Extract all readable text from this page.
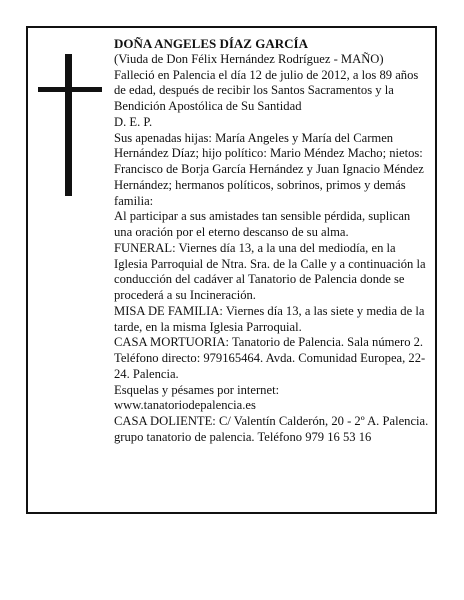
DOÑA ANGELES DÍAZ GARCÍA

(Viuda de Don Félix Hernández Rodríguez - MAÑO)

Falleció en Palencia el día 12 de julio de 2012, a los 89 años de edad, después de recibir los Santos Sacramentos y la Bendición Apostólica de Su Santidad

D. E. P.

Sus apenadas hijas: María Angeles y María del Carmen Hernández Díaz; hijo político: Mario Méndez Macho; nietos: Francisco de Borja García Hernández y Juan Ignacio Méndez Hernández; hermanos políticos, sobrinos, primos y demás familia:

Al participar a sus amistades tan sensible pérdida, suplican una oración por el eterno descanso de su alma.

FUNERAL: Viernes día 13, a la una del mediodía, en la Iglesia Parroquial de Ntra. Sra. de la Calle y a continuación la conducción del cadáver al Tanatorio de Palencia donde se procederá a su Incineración.

MISA DE FAMILIA: Viernes día 13, a las siete y media de la tarde, en la misma Iglesia Parroquial.

CASA MORTUORIA: Tanatorio de Palencia. Sala número 2. Teléfono directo: 979165464. Avda. Comunidad Europea, 22-24. Palencia.

Esquelas y pésames por internet:

www.tanatoriodepalencia.es

CASA DOLIENTE: C/ Valentín Calderón, 20 - 2º A. Palencia.

grupo tanatorio de palencia. Teléfono 979 16 53 16
